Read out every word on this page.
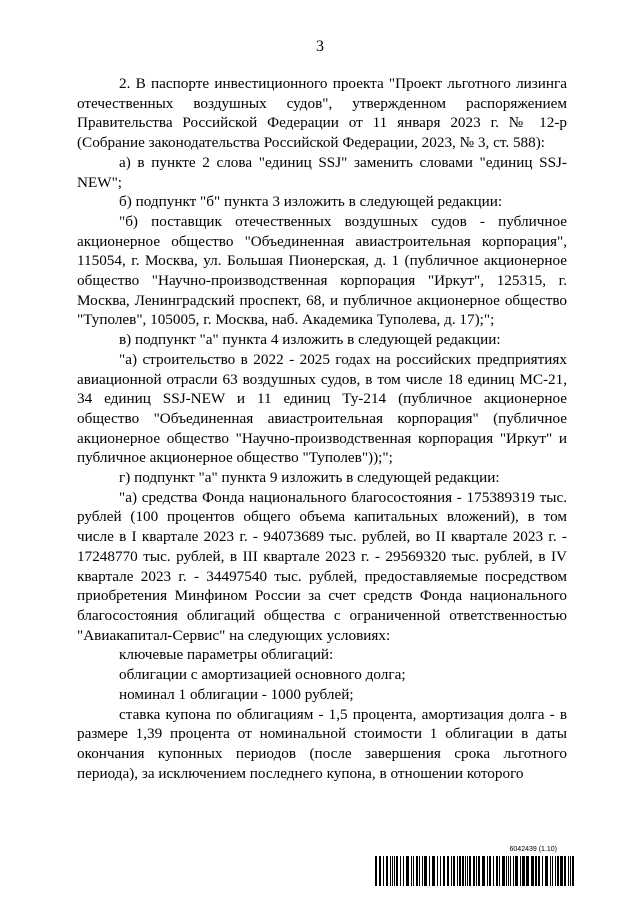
3

2. В паспорте инвестиционного проекта "Проект льготного лизинга отечественных воздушных судов", утвержденном распоряжением Правительства Российской Федерации от 11 января 2023 г. № 12-р (Собрание законодательства Российской Федерации, 2023, № 3, ст. 588):

а) в пункте 2 слова "единиц SSJ" заменить словами "единиц SSJ-NEW";

б) подпункт "б" пункта 3 изложить в следующей редакции:

"б) поставщик отечественных воздушных судов - публичное акционерное общество "Объединенная авиастроительная корпорация", 115054, г. Москва, ул. Большая Пионерская, д. 1 (публичное акционерное общество "Научно-производственная корпорация "Иркут", 125315, г. Москва, Ленинградский проспект, 68, и публичное акционерное общество "Туполев", 105005, г. Москва, наб. Академика Туполева, д. 17);";

в) подпункт "а" пункта 4 изложить в следующей редакции:

"а) строительство в 2022 - 2025 годах на российских предприятиях авиационной отрасли 63 воздушных судов, в том числе 18 единиц МС-21, 34 единиц SSJ-NEW и 11 единиц Ту-214 (публичное акционерное общество "Объединенная авиастроительная корпорация" (публичное акционерное общество "Научно-производственная корпорация "Иркут" и публичное акционерное общество "Туполев"));";

г) подпункт "а" пункта 9 изложить в следующей редакции:

"а) средства Фонда национального благосостояния - 175389319 тыс. рублей (100 процентов общего объема капитальных вложений), в том числе в I квартале 2023 г. - 94073689 тыс. рублей, во II квартале 2023 г. - 17248770 тыс. рублей, в III квартале 2023 г. - 29569320 тыс. рублей, в IV квартале 2023 г. - 34497540 тыс. рублей, предоставляемые посредством приобретения Минфином России за счет средств Фонда национального благосостояния облигаций общества с ограниченной ответственностью "Авиакапитал-Сервис" на следующих условиях:

ключевые параметры облигаций:

облигации с амортизацией основного долга;

номинал 1 облигации - 1000 рублей;

ставка купона по облигациям - 1,5 процента, амортизация долга - в размере 1,39 процента от номинальной стоимости 1 облигации в даты окончания купонных периодов (после завершения срока льготного периода), за исключением последнего купона, в отношении которого

6042439 (1.10)
